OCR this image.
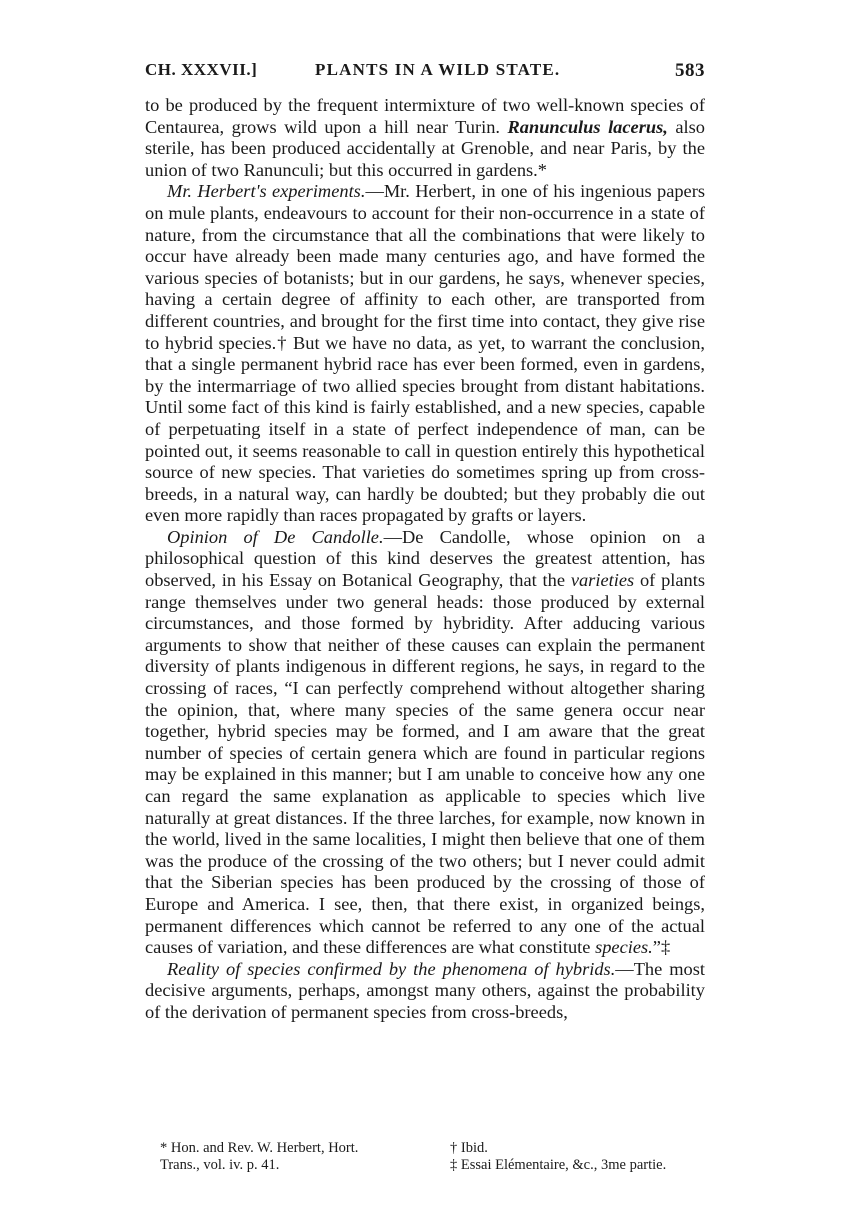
CH. XXXVII.]	PLANTS IN A WILD STATE.	583

to be produced by the frequent intermixture of two well-known species of Centaurea, grows wild upon a hill near Turin. Ranunculus lacerus, also sterile, has been produced accidentally at Grenoble, and near Paris, by the union of two Ranunculi; but this occurred in gardens.*

Mr. Herbert's experiments.—Mr. Herbert, in one of his ingenious papers on mule plants, endeavours to account for their non-occurrence in a state of nature, from the circumstance that all the combinations that were likely to occur have already been made many centuries ago, and have formed the various species of botanists; but in our gardens, he says, whenever species, having a certain degree of affinity to each other, are transported from different countries, and brought for the first time into contact, they give rise to hybrid species.† But we have no data, as yet, to warrant the conclusion, that a single permanent hybrid race has ever been formed, even in gardens, by the intermarriage of two allied species brought from distant habitations. Until some fact of this kind is fairly established, and a new species, capable of perpetuating itself in a state of perfect independence of man, can be pointed out, it seems reasonable to call in question entirely this hypothetical source of new species. That varieties do sometimes spring up from cross-breeds, in a natural way, can hardly be doubted; but they probably die out even more rapidly than races propagated by grafts or layers.

Opinion of De Candolle.—De Candolle, whose opinion on a philosophical question of this kind deserves the greatest attention, has observed, in his Essay on Botanical Geography, that the varieties of plants range themselves under two general heads: those produced by external circumstances, and those formed by hybridity. After adducing various arguments to show that neither of these causes can explain the permanent diversity of plants indigenous in different regions, he says, in regard to the crossing of races, “I can perfectly comprehend without altogether sharing the opinion, that, where many species of the same genera occur near together, hybrid species may be formed, and I am aware that the great number of species of certain genera which are found in particular regions may be explained in this manner; but I am unable to conceive how any one can regard the same explanation as applicable to species which live naturally at great distances. If the three larches, for example, now known in the world, lived in the same localities, I might then believe that one of them was the produce of the crossing of the two others; but I never could admit that the Siberian species has been produced by the crossing of those of Europe and America. I see, then, that there exist, in organized beings, permanent differences which cannot be referred to any one of the actual causes of variation, and these differences are what constitute species.”‡

Reality of species confirmed by the phenomena of hybrids.—The most decisive arguments, perhaps, amongst many others, against the probability of the derivation of permanent species from cross-breeds,

* Hon. and Rev. W. Herbert, Hort.
Trans., vol. iv. p. 41.
† Ibid.
‡ Essai Elémentaire, &c., 3me partie.
